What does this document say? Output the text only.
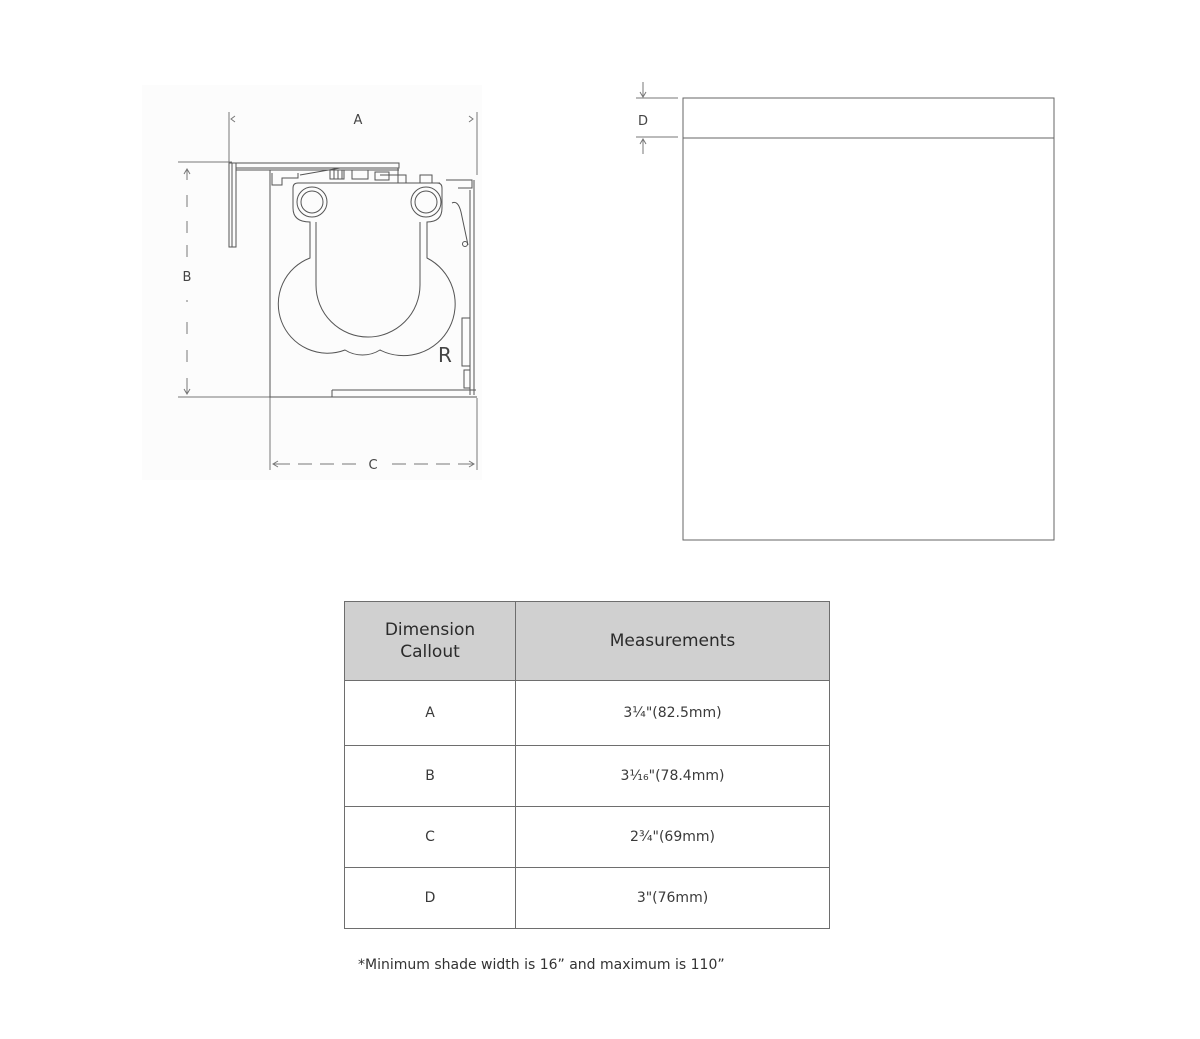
A
B
C
R
D
Dimension
Callout	Measurements
A	3¼"(82.5mm)
B	3¹⁄₁₆"(78.4mm)
C	2¾"(69mm)
D	3"(76mm)
*Minimum shade width is 16” and maximum is 110”
